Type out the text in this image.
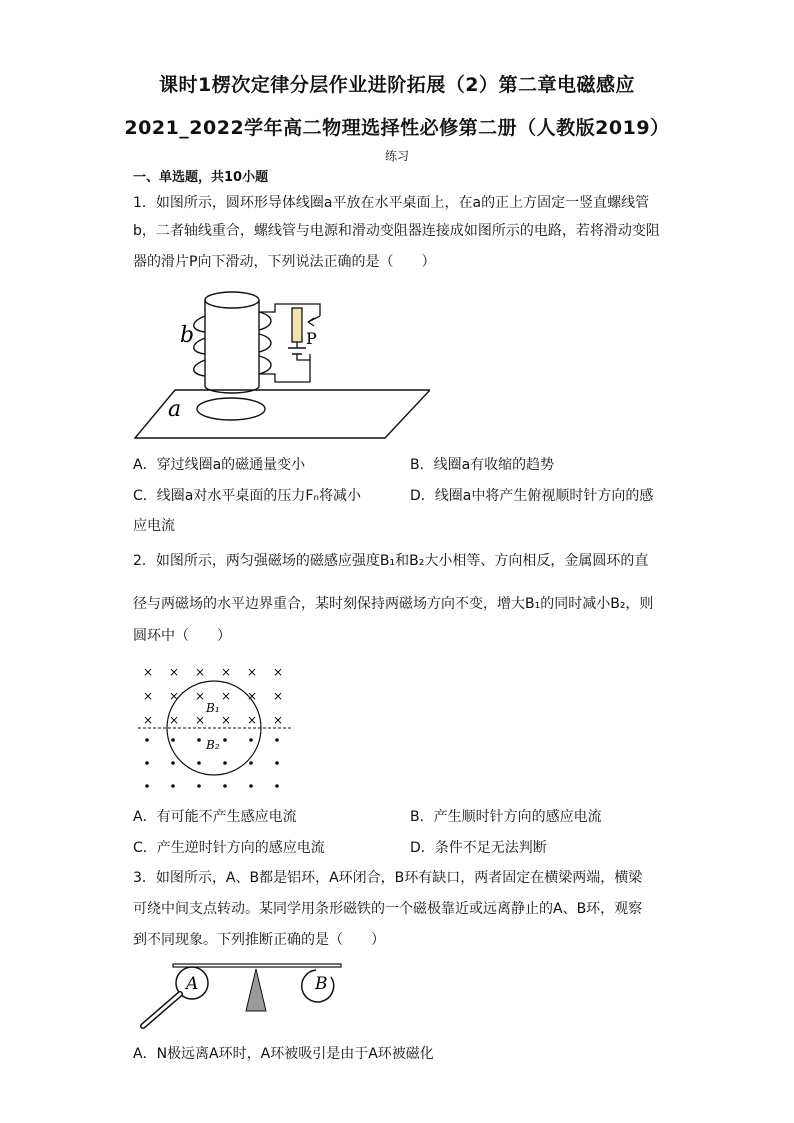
课时1楞次定律分层作业进阶拓展（2）第二章电磁感应
2021_2022学年高二物理选择性必修第二册（人教版2019）
练习
一、单选题，共10小题
1．如图所示，圆环形导体线圈a平放在水平桌面上，在a的正上方固定一竖直螺线管
b，二者轴线重合，螺线管与电源和滑动变阻器连接成如图所示的电路，若将滑动变阻
器的滑片P向下滑动，下列说法正确的是（　　）
a
b	P
A．穿过线圈a的磁通量变小	B．线圈a有收缩的趋势
C．线圈a对水平桌面的压力Fₙ将减小	D．线圈a中将产生俯视顺时针方向的感
应电流
2．如图所示，两匀强磁场的磁感应强度B₁和B₂大小相等、方向相反，金属圆环的直
径与两磁场的水平边界重合，某时刻保持两磁场方向不变，增大B₁的同时减小B₂，则
圆环中（　　）
× × × × × ×
× × × × × ×
× × × × × ×
B₁
B₂
A．有可能不产生感应电流	B．产生顺时针方向的感应电流
C．产生逆时针方向的感应电流	D．条件不足无法判断
3．如图所示，A、B都是铝环，A环闭合，B环有缺口，两者固定在横梁两端，横梁
可绕中间支点转动。某同学用条形磁铁的一个磁极靠近或远离静止的A、B环，观察
到不同现象。下列推断正确的是（　　）
A	B
A．N极远离A环时，A环被吸引是由于A环被磁化
